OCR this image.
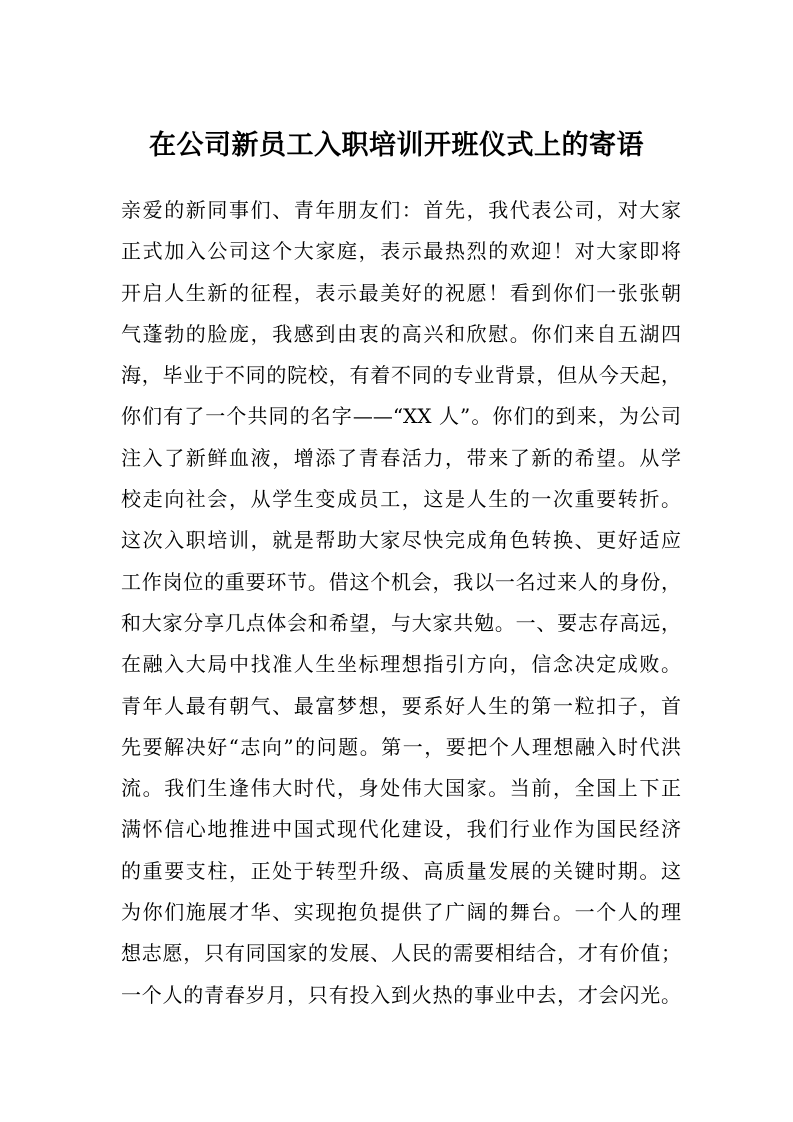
在公司新员工入职培训开班仪式上的寄语
亲爱的新同事们、青年朋友们：首先，我代表公司，对大家
正式加入公司这个大家庭，表示最热烈的欢迎！对大家即将
开启人生新的征程，表示最美好的祝愿！看到你们一张张朝
气蓬勃的脸庞，我感到由衷的高兴和欣慰。你们来自五湖四
海，毕业于不同的院校，有着不同的专业背景，但从今天起，
你们有了一个共同的名字——“XX 人”。你们的到来，为公司
注入了新鲜血液，增添了青春活力，带来了新的希望。从学
校走向社会，从学生变成员工，这是人生的一次重要转折。
这次入职培训，就是帮助大家尽快完成角色转换、更好适应
工作岗位的重要环节。借这个机会，我以一名过来人的身份，
和大家分享几点体会和希望，与大家共勉。一、要志存高远，
在融入大局中找准人生坐标理想指引方向，信念决定成败。
青年人最有朝气、最富梦想，要系好人生的第一粒扣子，首
先要解决好“志向”的问题。第一，要把个人理想融入时代洪
流。我们生逢伟大时代，身处伟大国家。当前，全国上下正
满怀信心地推进中国式现代化建设，我们行业作为国民经济
的重要支柱，正处于转型升级、高质量发展的关键时期。这
为你们施展才华、实现抱负提供了广阔的舞台。一个人的理
想志愿，只有同国家的发展、人民的需要相结合，才有价值；
一个人的青春岁月，只有投入到火热的事业中去，才会闪光。
